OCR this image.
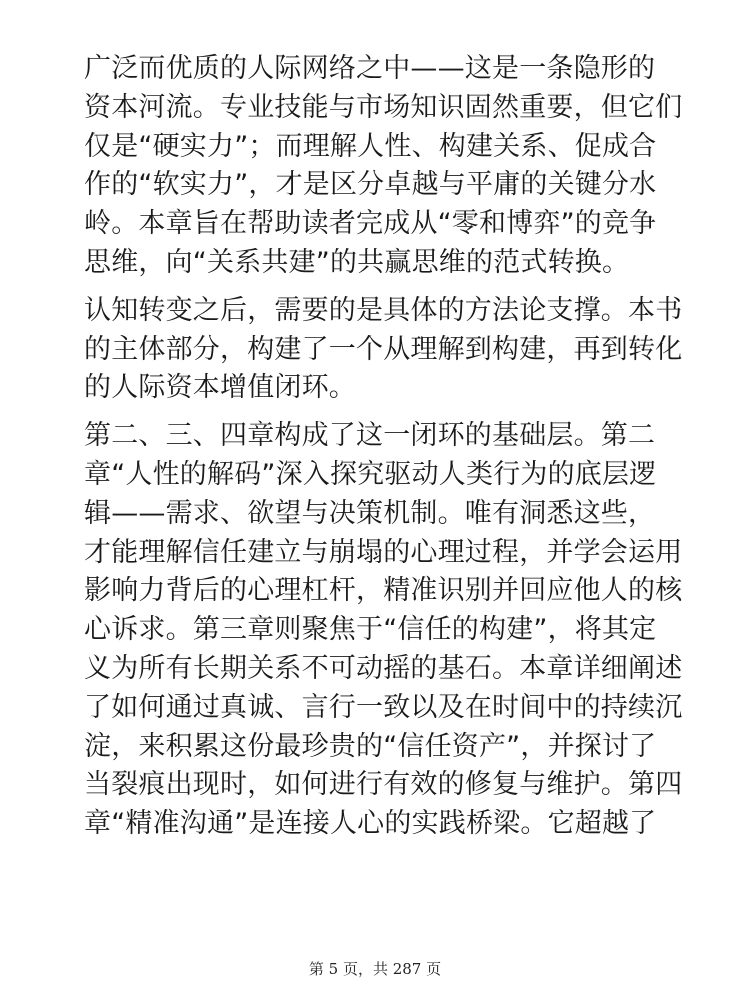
广泛而优质的人际网络之中——这是一条隐形的
资本河流。专业技能与市场知识固然重要，但它们
仅是“硬实力”；而理解人性、构建关系、促成合
作的“软实力”，才是区分卓越与平庸的关键分水
岭。本章旨在帮助读者完成从“零和博弈”的竞争
思维，向“关系共建”的共赢思维的范式转换。

认知转变之后，需要的是具体的方法论支撑。本书
的主体部分，构建了一个从理解到构建，再到转化
的人际资本增值闭环。

第二、三、四章构成了这一闭环的基础层。第二
章“人性的解码”深入探究驱动人类行为的底层逻
辑——需求、欲望与决策机制。唯有洞悉这些，
才能理解信任建立与崩塌的心理过程，并学会运用
影响力背后的心理杠杆，精准识别并回应他人的核
心诉求。第三章则聚焦于“信任的构建”，将其定
义为所有长期关系不可动摇的基石。本章详细阐述
了如何通过真诚、言行一致以及在时间中的持续沉
淀，来积累这份最珍贵的“信任资产”，并探讨了
当裂痕出现时，如何进行有效的修复与维护。第四
章“精准沟通”是连接人心的实践桥梁。它超越了

第 5 页，共 287 页
